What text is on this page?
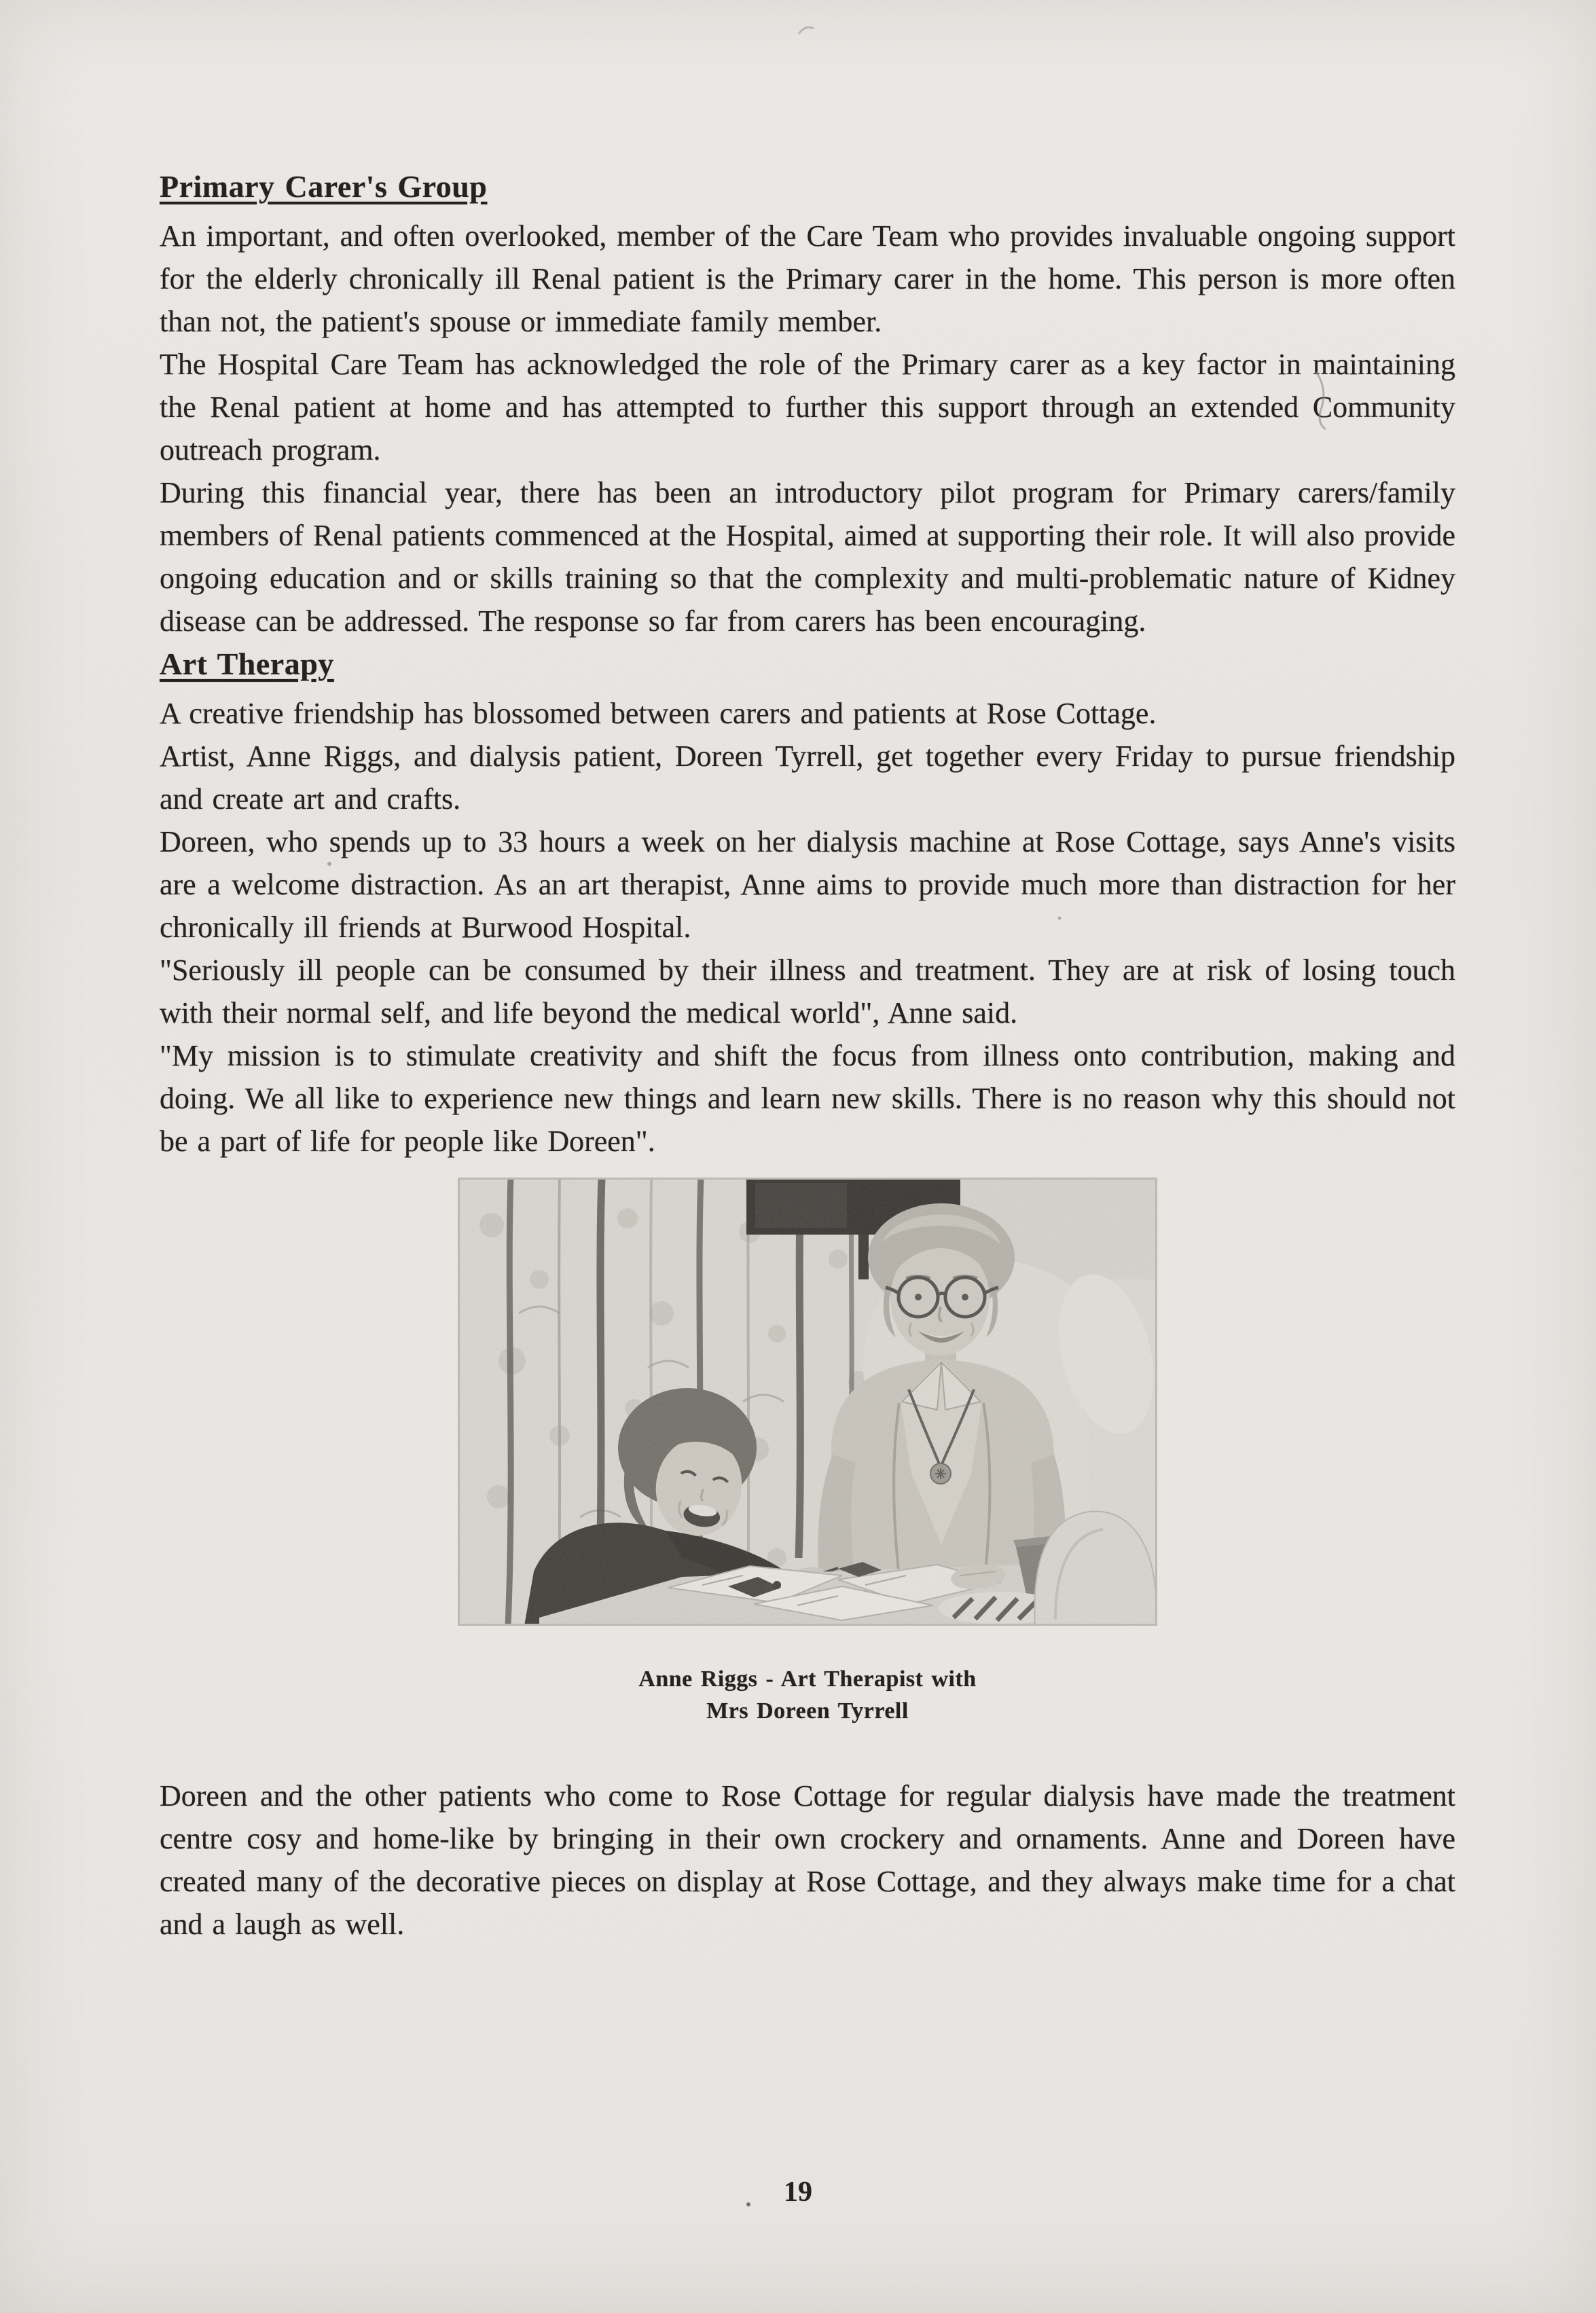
Primary Carer's Group

An important, and often overlooked, member of the Care Team who provides invaluable ongoing support for the elderly chronically ill Renal patient is the Primary carer in the home. This person is more often than not, the patient's spouse or immediate family member.

The Hospital Care Team has acknowledged the role of the Primary carer as a key factor in maintaining the Renal patient at home and has attempted to further this support through an extended Community outreach program.

During this financial year, there has been an introductory pilot program for Primary carers/family members of Renal patients commenced at the Hospital, aimed at supporting their role. It will also provide ongoing education and or skills training so that the complexity and multi-problematic nature of Kidney disease can be addressed. The response so far from carers has been encouraging.

Art Therapy

A creative friendship has blossomed between carers and patients at Rose Cottage.

Artist, Anne Riggs, and dialysis patient, Doreen Tyrrell, get together every Friday to pursue friendship and create art and crafts.

Doreen, who spends up to 33 hours a week on her dialysis machine at Rose Cottage, says Anne's visits are a welcome distraction. As an art therapist, Anne aims to provide much more than distraction for her chronically ill friends at Burwood Hospital.

"Seriously ill people can be consumed by their illness and treatment. They are at risk of losing touch with their normal self, and life beyond the medical world", Anne said.

"My mission is to stimulate creativity and shift the focus from illness onto contribution, making and doing. We all like to experience new things and learn new skills. There is no reason why this should not be a part of life for people like Doreen".

Anne Riggs - Art Therapist with
Mrs Doreen Tyrrell

Doreen and the other patients who come to Rose Cottage for regular dialysis have made the treatment centre cosy and home-like by bringing in their own crockery and ornaments. Anne and Doreen have created many of the decorative pieces on display at Rose Cottage, and they always make time for a chat and a laugh as well.

19
